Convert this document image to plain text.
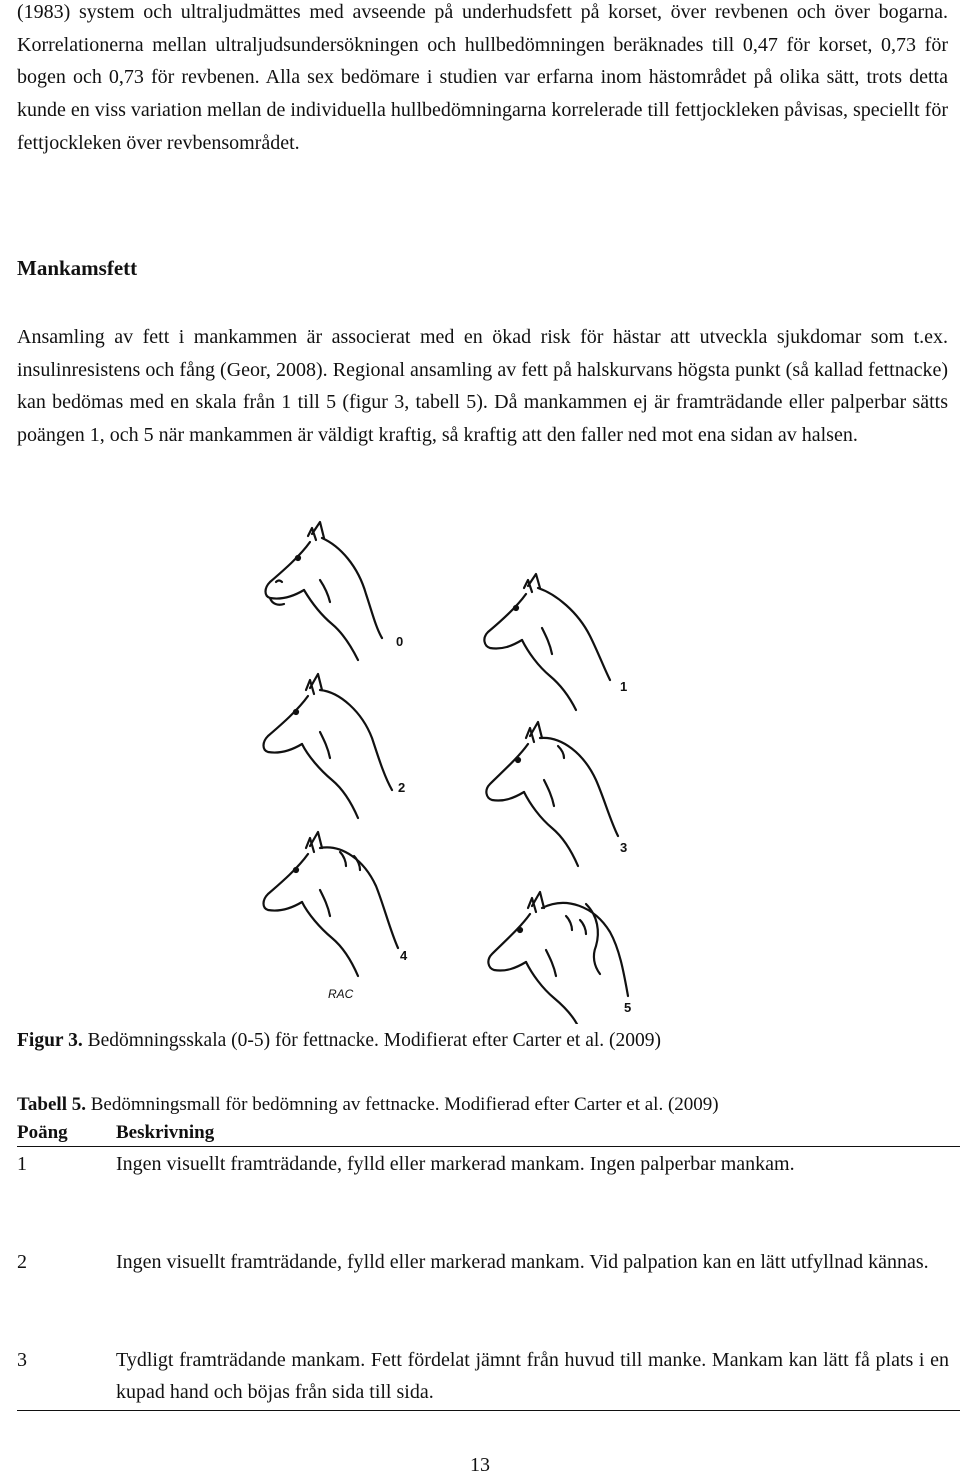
(1983) system och ultraljudmättes med avseende på underhudsfett på korset, över revbenen och över bogarna. Korrelationerna mellan ultraljudsundersökningen och hullbedömningen beräknades till 0,47 för korset, 0,73 för bogen och 0,73 för revbenen. Alla sex bedömare i studien var erfarna inom hästområdet på olika sätt, trots detta kunde en viss variation mellan de individuella hullbedömningarna korrelerade till fettjockleken påvisas, speciellt för fettjockleken över revbensområdet.

Mankamsfett

Ansamling av fett i mankammen är associerat med en ökad risk för hästar att utveckla sjukdomar som t.ex. insulinresistens och fång (Geor, 2008). Regional ansamling av fett på halskurvans högsta punkt (så kallad fettnacke) kan bedömas med en skala från 1 till 5 (figur 3, tabell 5). Då mankammen ej är framträdande eller palperbar sätts poängen 1, och 5 när mankammen är väldigt kraftig, så kraftig att den faller ned mot ena sidan av halsen.

0
1
2
3
4
5
RAC

Figur 3. Bedömningsskala (0-5) för fettnacke. Modifierat efter Carter et al. (2009)

Tabell 5. Bedömningsmall för bedömning av fettnacke. Modifierad efter Carter et al. (2009)

Poäng	Beskrivning
1	Ingen visuellt framträdande, fylld eller markerad mankam. Ingen palperbar mankam.
2	Ingen visuellt framträdande, fylld eller markerad mankam. Vid palpation kan en lätt utfyllnad kännas.
3	Tydligt framträdande mankam. Fett fördelat jämnt från huvud till manke. Mankam kan lätt få plats i en kupad hand och böjas från sida till sida.
13
